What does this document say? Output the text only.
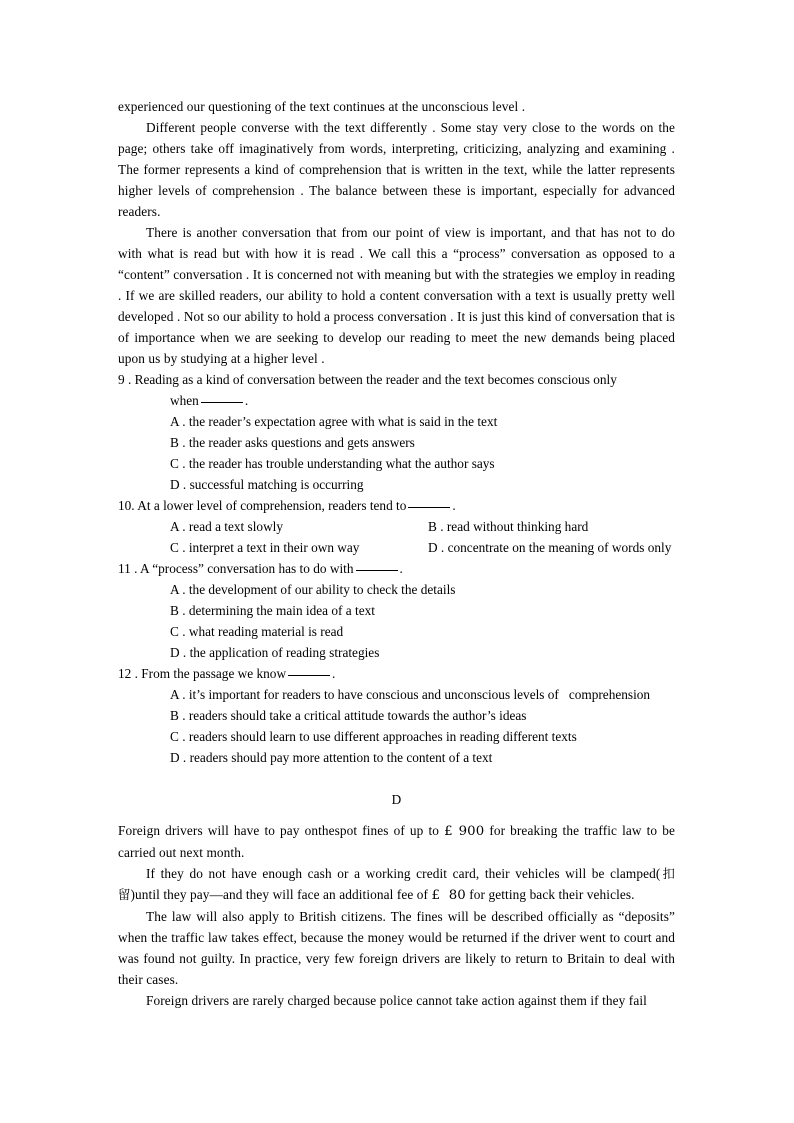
experienced our questioning of the text continues at the unconscious level .

Different people converse with the text differently . Some stay very close to the words on the page; others take off imaginatively from words, interpreting, criticizing, analyzing and examining . The former represents a kind of comprehension that is written in the text, while the latter represents higher levels of comprehension . The balance between these is important, especially for advanced readers.

There is another conversation that from our point of view is important, and that has not to do with what is read but with how it is read . We call this a “process” conversation as opposed to a “content” conversation . It is concerned not with meaning but with the strategies we employ in reading . If we are skilled readers, our ability to hold a content conversation with a text is usually pretty well developed . Not so our ability to hold a process conversation . It is just this kind of conversation that is of importance when we are seeking to develop our reading to meet the new demands being placed upon us by studying at a higher level .

9 . Reading as a kind of conversation between the reader and the text becomes conscious only
when	.
A . the reader’s expectation agree with what is said in the text
B . the reader asks questions and gets answers
C . the reader has trouble understanding what the author says
D . successful matching is occurring
10. At a lower level of comprehension, readers tend to	.
A . read a text slowly	B . read without thinking hard
C . interpret a text in their own way	D . concentrate on the meaning of words only
11 . A “process” conversation has to do with	.
A . the development of our ability to check the details
B . determining the main idea of a text
C . what reading material is read
D . the application of reading strategies
12 . From the passage we know	.
A . it’s important for readers to have conscious and unconscious levels of   comprehension
B . readers should take a critical attitude towards the author’s ideas
C . readers should learn to use different approaches in reading different texts
D . readers should pay more attention to the content of a text

D

Foreign drivers will have to pay onthespot fines of up to £ 900 for breaking the traffic law to be carried out next month.

If they do not have enough cash or a working credit card, their vehicles will be clamped(扣留)until they pay—and they will face an additional fee of £  80 for getting back their vehicles.

The law will also apply to British citizens. The fines will be described officially as “deposits” when the traffic law takes effect, because the money would be returned if the driver went to court and was found not guilty. In practice, very few foreign drivers are likely to return to Britain to deal with their cases.

Foreign drivers are rarely charged because police cannot take action against them if they fail
